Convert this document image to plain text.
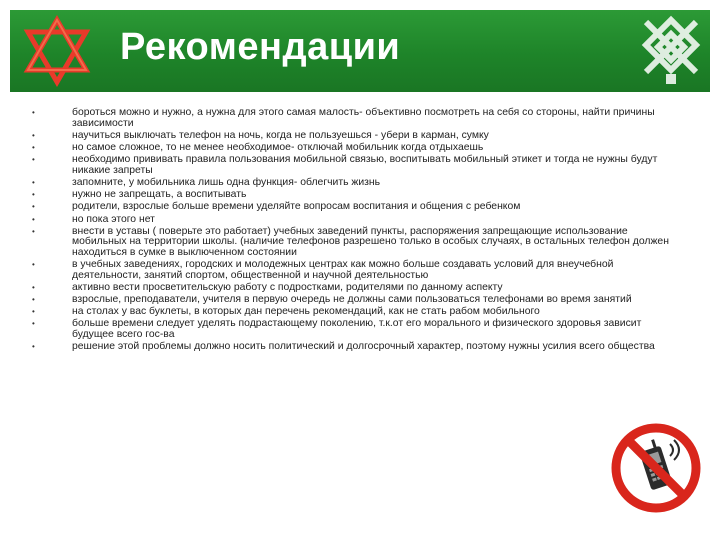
Рекомендации
•	бороться можно и нужно, а нужна для этого самая малость- объективно посмотреть на себя со стороны, найти причины зависимости
•	научиться выключать телефон на ночь, когда не пользуешься - убери в карман, сумку
•	но самое сложное, то не менее необходимое- отключай мобильник когда отдыхаешь
•	необходимо прививать правила пользования мобильной связью, воспитывать мобильный этикет и тогда не нужны будут никакие запреты
•	запомните, у мобильника лишь одна функция- облегчить жизнь
•	нужно не запрещать, а воспитывать
•	родители, взрослые больше времени уделяйте вопросам воспитания и общения с ребенком
•	но пока этого нет
•	внести в уставы ( поверьте это работает) учебных заведений пункты, распоряжения запрещающие использование мобильных на территории школы. (наличие телефонов разрешено только в особых случаях, в остальных телефон должен находиться в сумке в выключенном состоянии
•	в учебных заведениях, городских и молодежных центрах как можно больше создавать условий для внеучебной деятельности, занятий спортом, общественной и научной деятельностью
•	активно вести просветительскую работу с подростками, родителями по данному аспекту
•	взрослые, преподаватели, учителя в первую очередь не должны сами пользоваться телефонами во время занятий
•	на столах у вас буклеты, в которых дан перечень рекомендаций, как не стать рабом мобильного
•	больше времени следует уделять подрастающему поколению, т.к.от его морального и физического здоровья зависит будущее всего гос-ва
•	решение этой проблемы должно носить политический и долгосрочный характер, поэтому нужны усилия всего общества
